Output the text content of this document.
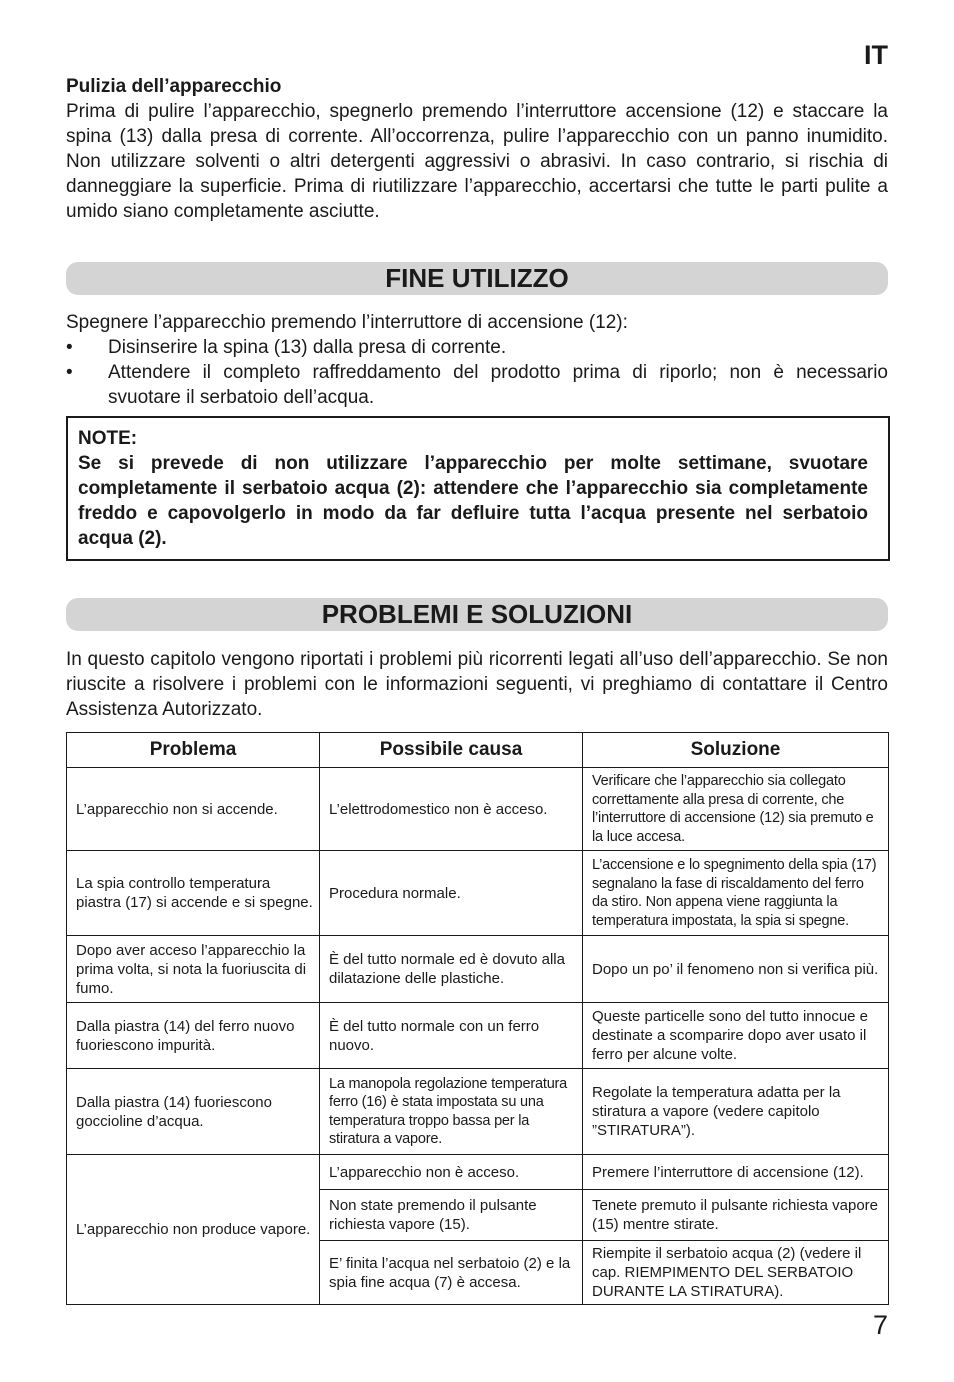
IT
Pulizia dell’apparecchio
Prima di pulire l’apparecchio, spegnerlo premendo l’interruttore accensione (12) e staccare la spina (13) dalla presa di corrente. All’occorrenza, pulire l’apparecchio con un panno inumidito. Non utilizzare solventi o altri detergenti aggressivi o abrasivi. In caso contrario, si rischia di danneggiare la superficie. Prima di riutilizzare l’apparecchio, accertarsi che tutte le parti pulite a umido siano completamente asciutte.
FINE UTILIZZO
Spegnere l’apparecchio premendo l’interruttore di accensione (12):
• Disinserire la spina (13) dalla presa di corrente.
• Attendere il completo raffreddamento del prodotto prima di riporlo; non è necessario svuotare il serbatoio dell’acqua.
NOTE:
Se si prevede di non utilizzare l’apparecchio per molte settimane, svuotare completamente il serbatoio acqua (2): attendere che l’apparecchio sia completamente freddo e capovolgerlo in modo da far defluire tutta l’acqua presente nel serbatoio acqua (2).
PROBLEMI E SOLUZIONI
In questo capitolo vengono riportati i problemi più ricorrenti legati all’uso dell’apparecchio. Se non riuscite a risolvere i problemi con le informazioni seguenti, vi preghiamo di contattare il Centro Assistenza Autorizzato.
Problema	Possibile causa	Soluzione
L’apparecchio non si accende.	L’elettrodomestico non è acceso.	Verificare che l’apparecchio sia collegato correttamente alla presa di corrente, che l’interruttore di accensione (12) sia premuto e la luce accesa.
La spia controllo temperatura piastra (17) si accende e si spegne.	Procedura normale.	L’accensione e lo spegnimento della spia (17) segnalano la fase di riscaldamento del ferro da stiro. Non appena viene raggiunta la temperatura impostata, la spia si spegne.
Dopo aver acceso l’apparecchio la prima volta, si nota la fuoriuscita di fumo.	È del tutto normale ed è dovuto alla dilatazione delle plastiche.	Dopo un po’ il fenomeno non si verifica più.
Dalla piastra (14) del ferro nuovo fuoriescono impurità.	È del tutto normale con un ferro nuovo.	Queste particelle sono del tutto innocue e destinate a scomparire dopo aver usato il ferro per alcune volte.
Dalla piastra (14) fuoriescono goccioline d’acqua.	La manopola regolazione temperatura ferro (16) è stata impostata su una temperatura troppo bassa per la stiratura a vapore.	Regolate la temperatura adatta per la stiratura a vapore (vedere capitolo ”STIRATURA”).
L’apparecchio non produce vapore.	L’apparecchio non è acceso.	Premere l’interruttore di accensione (12).
	Non state premendo il pulsante richiesta vapore (15).	Tenete premuto il pulsante richiesta vapore (15) mentre stirate.
	E’ finita l’acqua nel serbatoio (2) e la spia fine acqua (7) è accesa.	Riempite il serbatoio acqua (2) (vedere il cap. RIEMPIMENTO DEL SERBATOIO DURANTE LA STIRATURA).
7
